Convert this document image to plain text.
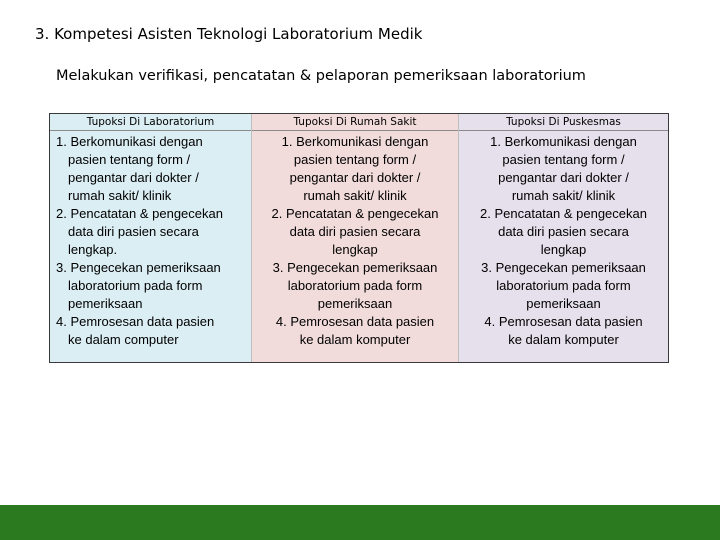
3. Kompetesi Asisten Teknologi Laboratorium Medik
Melakukan verifikasi, pencatatan & pelaporan pemeriksaan laboratorium
Tupoksi Di Laboratorium
1. Berkomunikasi dengan
pasien tentang form /
pengantar dari dokter /
rumah sakit/ klinik
2. Pencatatan & pengecekan
data diri pasien secara
lengkap.
3. Pengecekan pemeriksaan
laboratorium pada form
pemeriksaan
4. Pemrosesan data pasien
ke dalam computer
Tupoksi Di Rumah Sakit
1. Berkomunikasi dengan
pasien tentang form /
pengantar dari dokter /
rumah sakit/ klinik
2. Pencatatan & pengecekan
data diri pasien secara
lengkap
3. Pengecekan pemeriksaan
laboratorium pada form
pemeriksaan
4. Pemrosesan data pasien
ke dalam komputer
Tupoksi Di Puskesmas
1. Berkomunikasi dengan
pasien tentang form /
pengantar dari dokter /
rumah sakit/ klinik
2. Pencatatan & pengecekan
data diri pasien secara
lengkap
3. Pengecekan pemeriksaan
laboratorium pada form
pemeriksaan
4. Pemrosesan data pasien
ke dalam komputer
